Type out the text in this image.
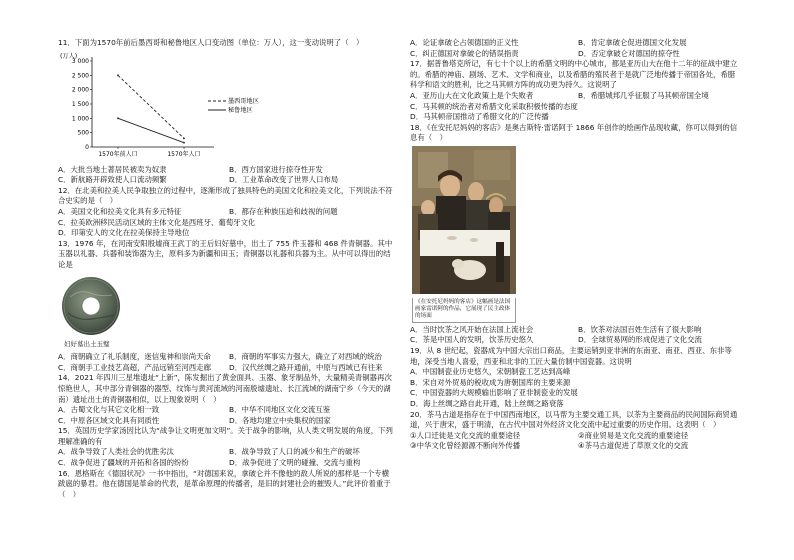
11．下面为1570年前后墨西哥和秘鲁地区人口变动图（单位：万人），这一变动说明了（　）

(万人)
3 000
2 500
2 000
1 500
1 000
500
0
1570年前人口	1570年人口
墨西哥地区
秘鲁地区
A．大批当地土著居民被卖为奴隶	B．西方国家进行掠夺性开发
C．新航路开辟致使人口流动频繁	D．工业革命改变了世界人口布局

12．在北美和拉美人民争取独立的过程中，逐渐形成了独具特色的美国文化和拉美文化，下列说法不符合史实的是（　）

A．美国文化和拉美文化具有多元特征	B．都存在种族压迫和歧视的问题

C．拉美欧洲移民活动区域的主体文化是西班牙、葡萄牙文化

D．印第安人的文化在拉美保持主导地位

13．1976 年，在河南安阳殷墟商王武丁的王后妇好墓中，出土了 755 件玉器和 468 件青铜器。其中玉器以礼器、兵器和装饰器为主，原料多为新疆和田玉；青铜器以礼器和兵器为主。从中可以得出的结论是

妇好墓出土玉璧
A．商朝确立了礼乐制度，迷信鬼神和崇尚天命	B．商朝的军事实力强大，确立了对西域的统治
C．商朝手工业技艺高超，产品远销至河西走廊	D．汉代丝绸之路开通前，中原与西域已有往来

14．2021 年四川三星堆遗址“上新”，陈发掘出了黄金面具、玉器、象牙制品外，大量精美青铜器再次惊艳世人，其中部分青铜器的器型、纹饰与黄河流域的河南殷墟遗址、长江流域的湖南宁乡（今天的湖南）遗址出土的青铜器相似，以上现象说明（　）

A．古蜀文化与其它文化相一致	B．中华不同地区文化交流互鉴
C．中原各区域文化具有同质性	D．各地均建立中央集权的国家

15．英国历史学家汤因比认为“战争让文明更加文明”。关于战争的影响，从人类文明发展的角度，下列理解准确的有

A．战争导致了人类社会的优胜劣汰	B．战争导致了人口的减少和生产的破坏
C．战争促进了疆域的开拓和各国的纷纷	D．战争促进了文明的碰撞、交流与重构

16．恩格斯在《德国状况》一书中指出，“对德国来说，拿破仑并不像他的敌人所说的那样是一个专横跋扈的暴君。他在德国是革命的代表，是革命原理的传播者，是旧的封建社会的摧毁人。”此评价着重于（　）

A．论证拿破仑占领德国的正义性	B．肯定拿破仑促进德国文化发展
C．纠正德国对拿破仑的错误指责	D．否定拿破仑对德国的掠夺性

17．据普鲁塔克所记，有七十个以上的希腊文明的中心城市，都是亚历山大在他十二年的征战中建立的。希腊的神庙、剧场、艺术、文学和商业，以及希腊的殖民者于是就广泛地传播于帝国各处，希腊科学和语文的胜利，比之马其顿方阵的成功更为持久。这说明了

A．亚历山大在文化政策上是个失败者	B．希腊城邦几乎征服了马其顿帝国全境

C．马其顿的统治者对希腊文化采取积极传播的态度

D．马其顿帝国推动了希腊文化的广泛传播

18．《在安托尼妈妈的客店》是奥古斯特·雷诺阿于 1866 年创作的绘画作品现收藏，你可以得到的信息有（　）

《在安托尼妈妈的客店》这幅画是法国画家雷诺阿的作品，它展现了民主政体的场面
A．当时饮茶之风开始在法国上流社会	B．饮茶对法国百姓生活有了很大影响
C．茶是中国人的发明，饮茶历史悠久	D．全球贸易网的形成促进了文化交流

19．从 8 世纪起，瓷器成为中国大宗出口商品，主要运销到亚非洲的东南亚、南亚、西亚、东非等地，深受当地人喜爱，西亚和北非的工匠大量仿制中国瓷器。这说明

A．中国制瓷业历史悠久，宋朝制瓷工艺达到高峰

B．宋自对外贸易的税收成为唐朝国库的主要来源

C．中国瓷器的大规模输出影响了亚非制瓷业的发展

D．海上丝绸之路自此开通，陆上丝绸之路衰落

20．茶马古道是指存在于中国西南地区，以马帮为主要交通工具，以茶为主要商品的民间国际商贸通道，兴于唐宋，盛于明清，在古代中国对外经济文化交流中起过重要的历史作用。这表明（　）

①人口迁徙是文化交流的重要途径	②商业贸易是文化交流的重要途径
③中华文化曾经源源不断向外传播	④茶马古道促进了草原文化的交流
